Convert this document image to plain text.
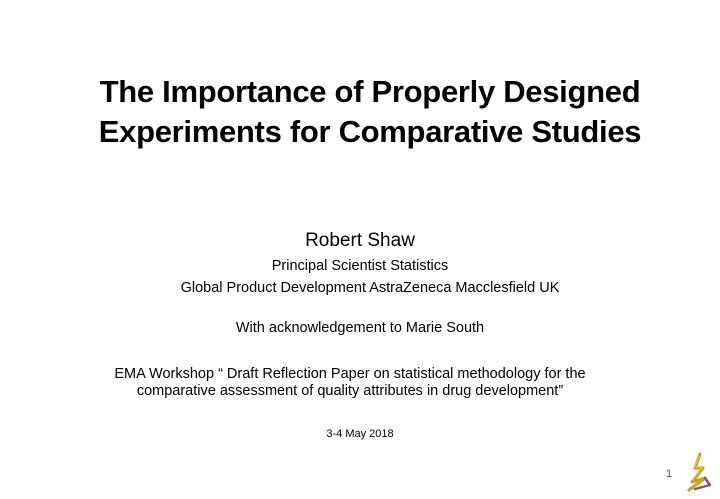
The Importance of Properly Designed
Experiments for Comparative Studies
Robert Shaw
Principal Scientist Statistics
Global Product Development AstraZeneca Macclesfield UK
With acknowledgement to Marie South
EMA Workshop “ Draft Reflection Paper on statistical methodology for the
comparative assessment of quality attributes in drug development”
3-4 May 2018
1
